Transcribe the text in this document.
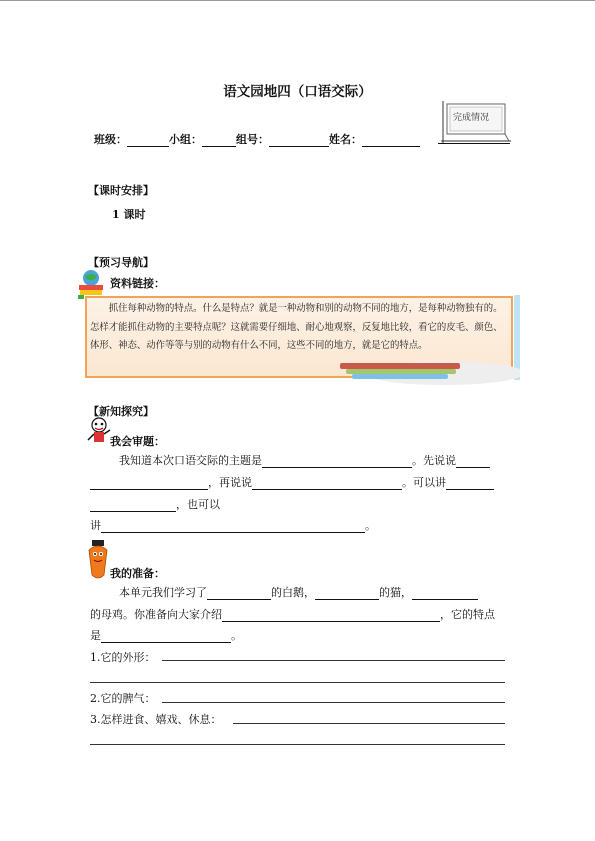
语文园地四（口语交际）
班级：	小组：	组号：	姓名：
完成情况
【课时安排】
1 课时
【预习导航】
资料链接：
抓住每种动物的特点。什么是特点？就是一种动物和别的动物不同的地方，是每种动物独有的。怎样才能抓住动物的主要特点呢？这就需要仔细地、耐心地观察，反复地比较，看它的皮毛、颜色、体形、神态、动作等等与别的动物有什么不同，这些不同的地方，就是它的特点。
【新知探究】
我会审题：
我知道本次口语交际的主题是	。先说说
，再说说	。可以讲
，也可以
讲	。
我的准备：
本单元我们学习了	的白鹅，	的猫，
的母鸡。你准备向大家介绍	，它的特点
是	。
1.它的外形：
2.它的脾气：
3.怎样进食、嬉戏、休息：
